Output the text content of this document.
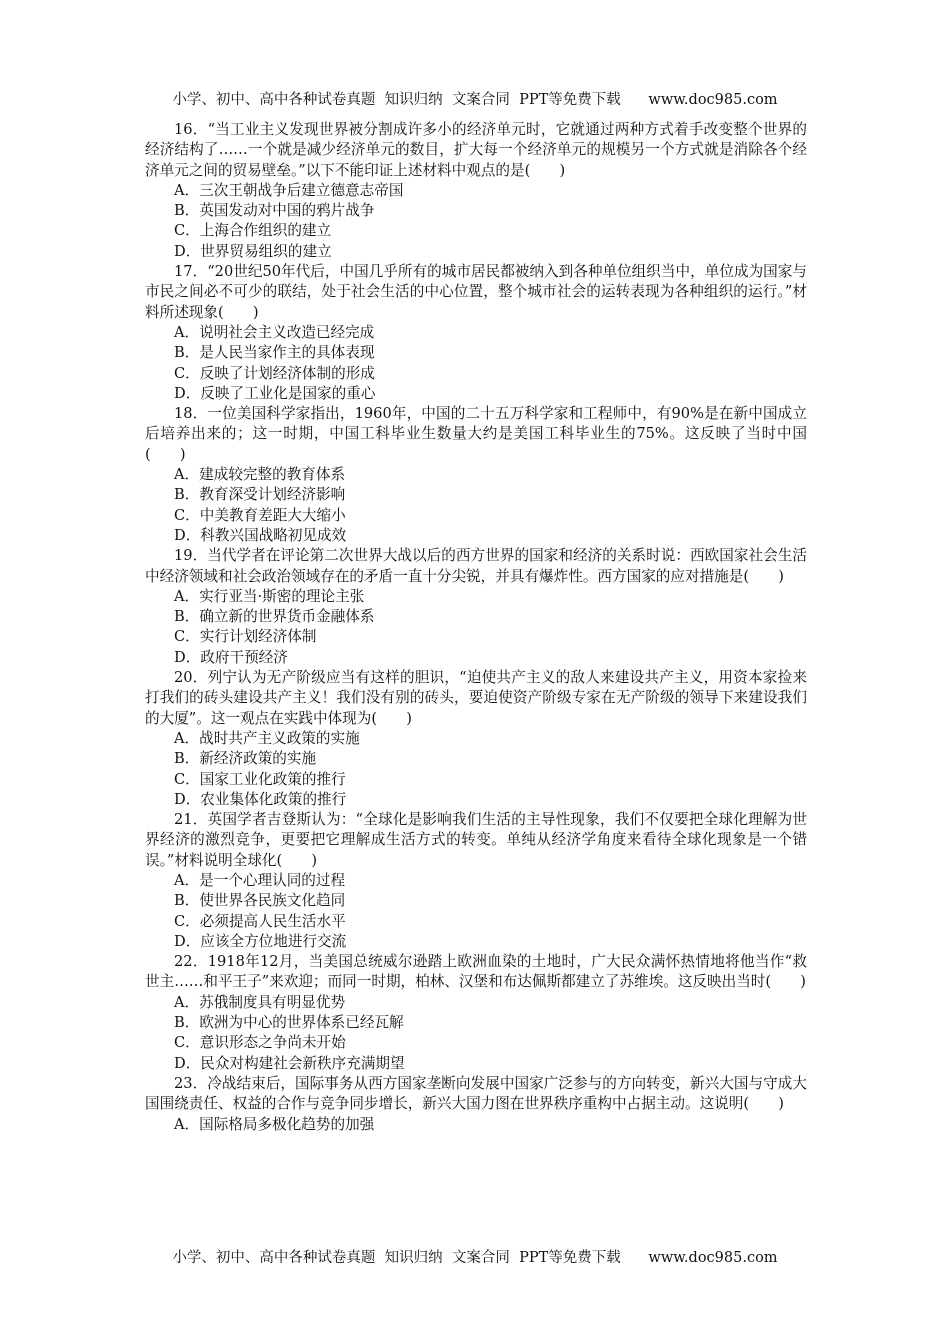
小学、初中、高中各种试卷真题  知识归纳  文案合同  PPT等免费下载      www.doc985.com

16．“当工业主义发现世界被分割成许多小的经济单元时，它就通过两种方式着手改变整个世界的经济结构了……一个就是减少经济单元的数目，扩大每一个经济单元的规模另一个方式就是消除各个经济单元之间的贸易壁垒。”以下不能印证上述材料中观点的是(　　)

A．三次王朝战争后建立德意志帝国

B．英国发动对中国的鸦片战争

C．上海合作组织的建立

D．世界贸易组织的建立

17．“20世纪50年代后，中国几乎所有的城市居民都被纳入到各种单位组织当中，单位成为国家与市民之间必不可少的联结，处于社会生活的中心位置，整个城市社会的运转表现为各种组织的运行。”材料所述现象(　　)

A．说明社会主义改造已经完成

B．是人民当家作主的具体表现

C．反映了计划经济体制的形成

D．反映了工业化是国家的重心

18．一位美国科学家指出，1960年，中国的二十五万科学家和工程师中，有90%是在新中国成立后培养出来的；这一时期，中国工科毕业生数量大约是美国工科毕业生的75%。这反映了当时中国(　　)

A．建成较完整的教育体系

B．教育深受计划经济影响

C．中美教育差距大大缩小

D．科教兴国战略初见成效

19．当代学者在评论第二次世界大战以后的西方世界的国家和经济的关系时说：西欧国家社会生活中经济领域和社会政治领域存在的矛盾一直十分尖锐，并具有爆炸性。西方国家的应对措施是(　　)

A．实行亚当·斯密的理论主张

B．确立新的世界货币金融体系

C．实行计划经济体制

D．政府干预经济

20．列宁认为无产阶级应当有这样的胆识，“迫使共产主义的敌人来建设共产主义，用资本家捡来打我们的砖头建设共产主义！我们没有别的砖头，要迫使资产阶级专家在无产阶级的领导下来建设我们的大厦”。这一观点在实践中体现为(　　)

A．战时共产主义政策的实施

B．新经济政策的实施

C．国家工业化政策的推行

D．农业集体化政策的推行

21．英国学者吉登斯认为：“全球化是影响我们生活的主导性现象，我们不仅要把全球化理解为世界经济的激烈竞争，更要把它理解成生活方式的转变。单纯从经济学角度来看待全球化现象是一个错误。”材料说明全球化(　　)

A．是一个心理认同的过程

B．使世界各民族文化趋同

C．必须提高人民生活水平

D．应该全方位地进行交流

22．1918年12月，当美国总统威尔逊踏上欧洲血染的土地时，广大民众满怀热情地将他当作“救世主……和平王子”来欢迎；而同一时期，柏林、汉堡和布达佩斯都建立了苏维埃。这反映出当时(　　)

A．苏俄制度具有明显优势

B．欧洲为中心的世界体系已经瓦解

C．意识形态之争尚未开始

D．民众对构建社会新秩序充满期望

23．冷战结束后，国际事务从西方国家垄断向发展中国家广泛参与的方向转变，新兴大国与守成大国围绕责任、权益的合作与竞争同步增长，新兴大国力图在世界秩序重构中占据主动。这说明(　　)

A．国际格局多极化趋势的加强

小学、初中、高中各种试卷真题  知识归纳  文案合同  PPT等免费下载      www.doc985.com
